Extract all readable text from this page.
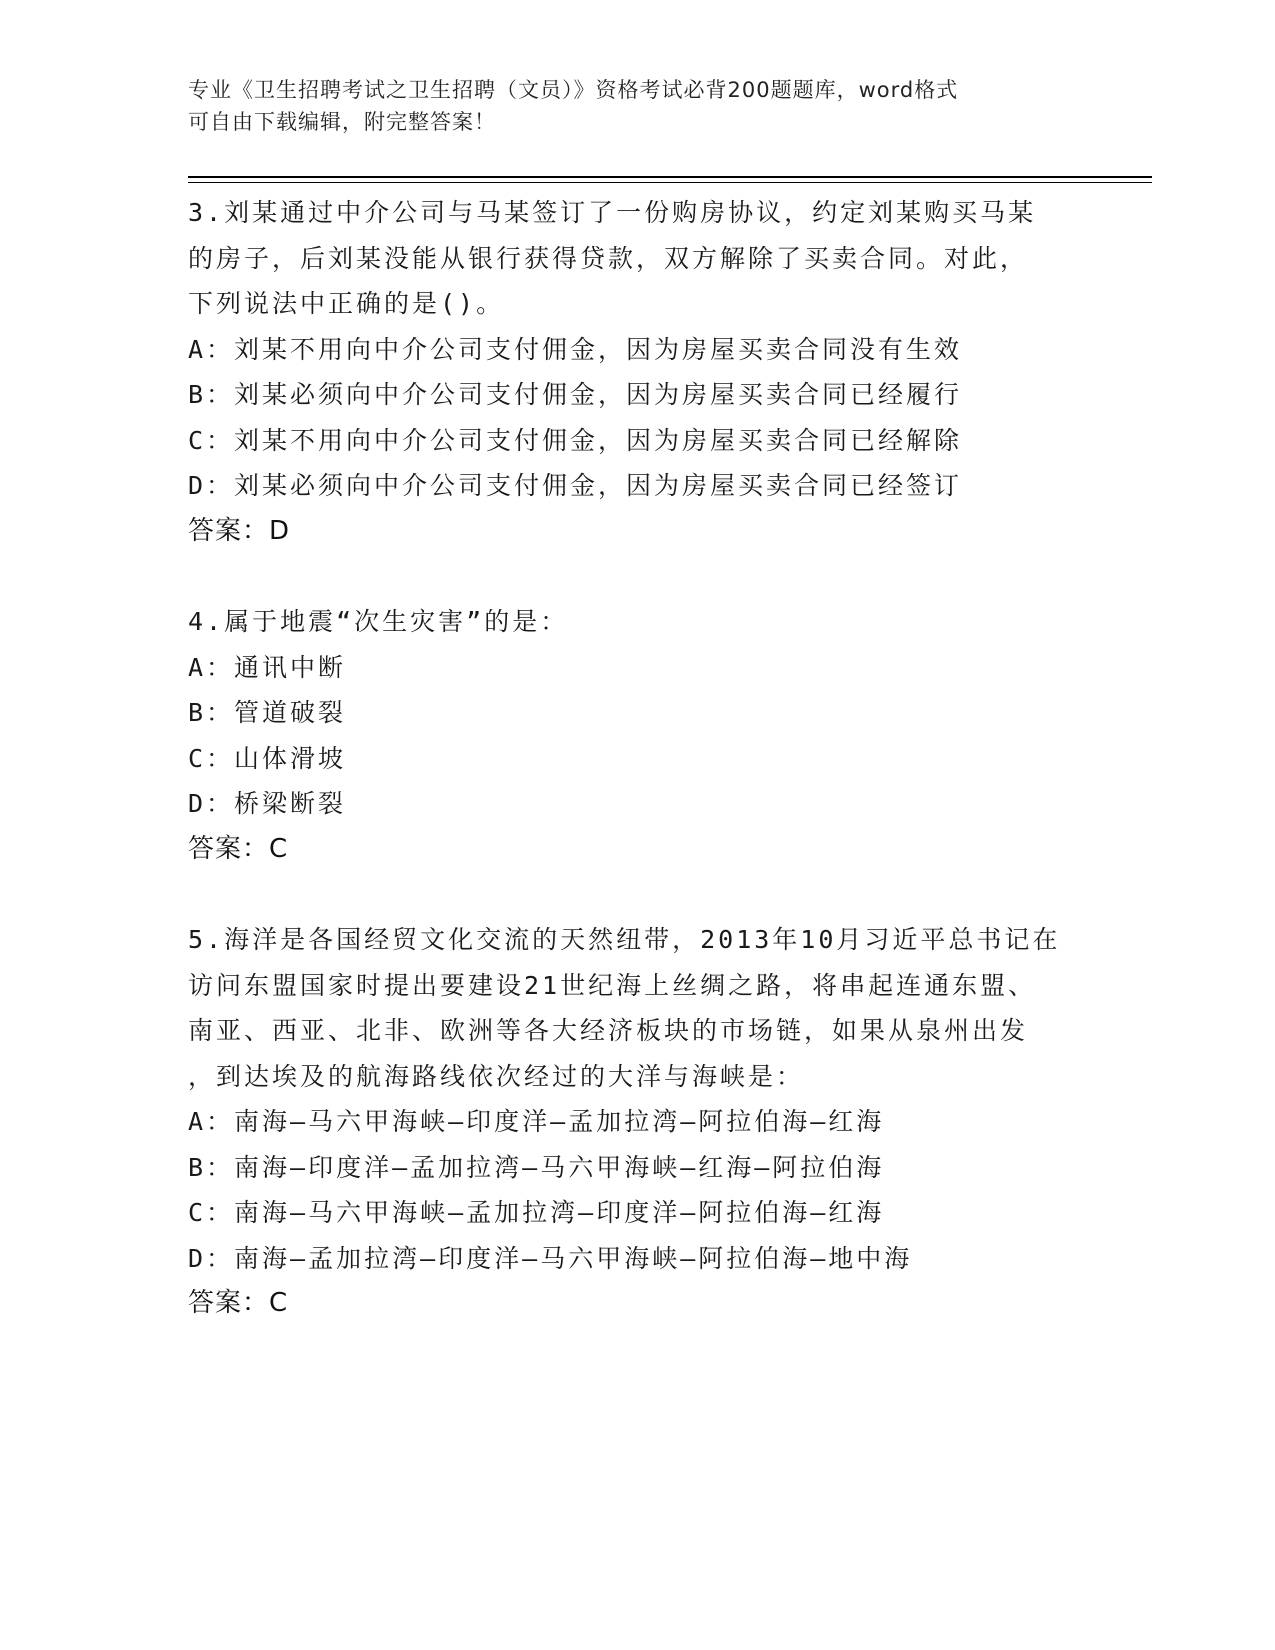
专业《卫生招聘考试之卫生招聘（文员）》资格考试必背200题题库，word格式
可自由下载编辑，附完整答案！
3.刘某通过中介公司与马某签订了一份购房协议，约定刘某购买马某
的房子，后刘某没能从银行获得贷款，双方解除了买卖合同。对此，
下列说法中正确的是()。
A：刘某不用向中介公司支付佣金，因为房屋买卖合同没有生效
B：刘某必须向中介公司支付佣金，因为房屋买卖合同已经履行
C：刘某不用向中介公司支付佣金，因为房屋买卖合同已经解除
D：刘某必须向中介公司支付佣金，因为房屋买卖合同已经签订
答案：D
4.属于地震“次生灾害”的是：
A：通讯中断
B：管道破裂
C：山体滑坡
D：桥梁断裂
答案：C
5.海洋是各国经贸文化交流的天然纽带，2013年10月习近平总书记在
访问东盟国家时提出要建设21世纪海上丝绸之路，将串起连通东盟、
南亚、西亚、北非、欧洲等各大经济板块的市场链，如果从泉州出发
，到达埃及的航海路线依次经过的大洋与海峡是：
A：南海—马六甲海峡—印度洋—孟加拉湾—阿拉伯海—红海
B：南海—印度洋—孟加拉湾—马六甲海峡—红海—阿拉伯海
C：南海—马六甲海峡—孟加拉湾—印度洋—阿拉伯海—红海
D：南海—孟加拉湾—印度洋—马六甲海峡—阿拉伯海—地中海
答案：C
